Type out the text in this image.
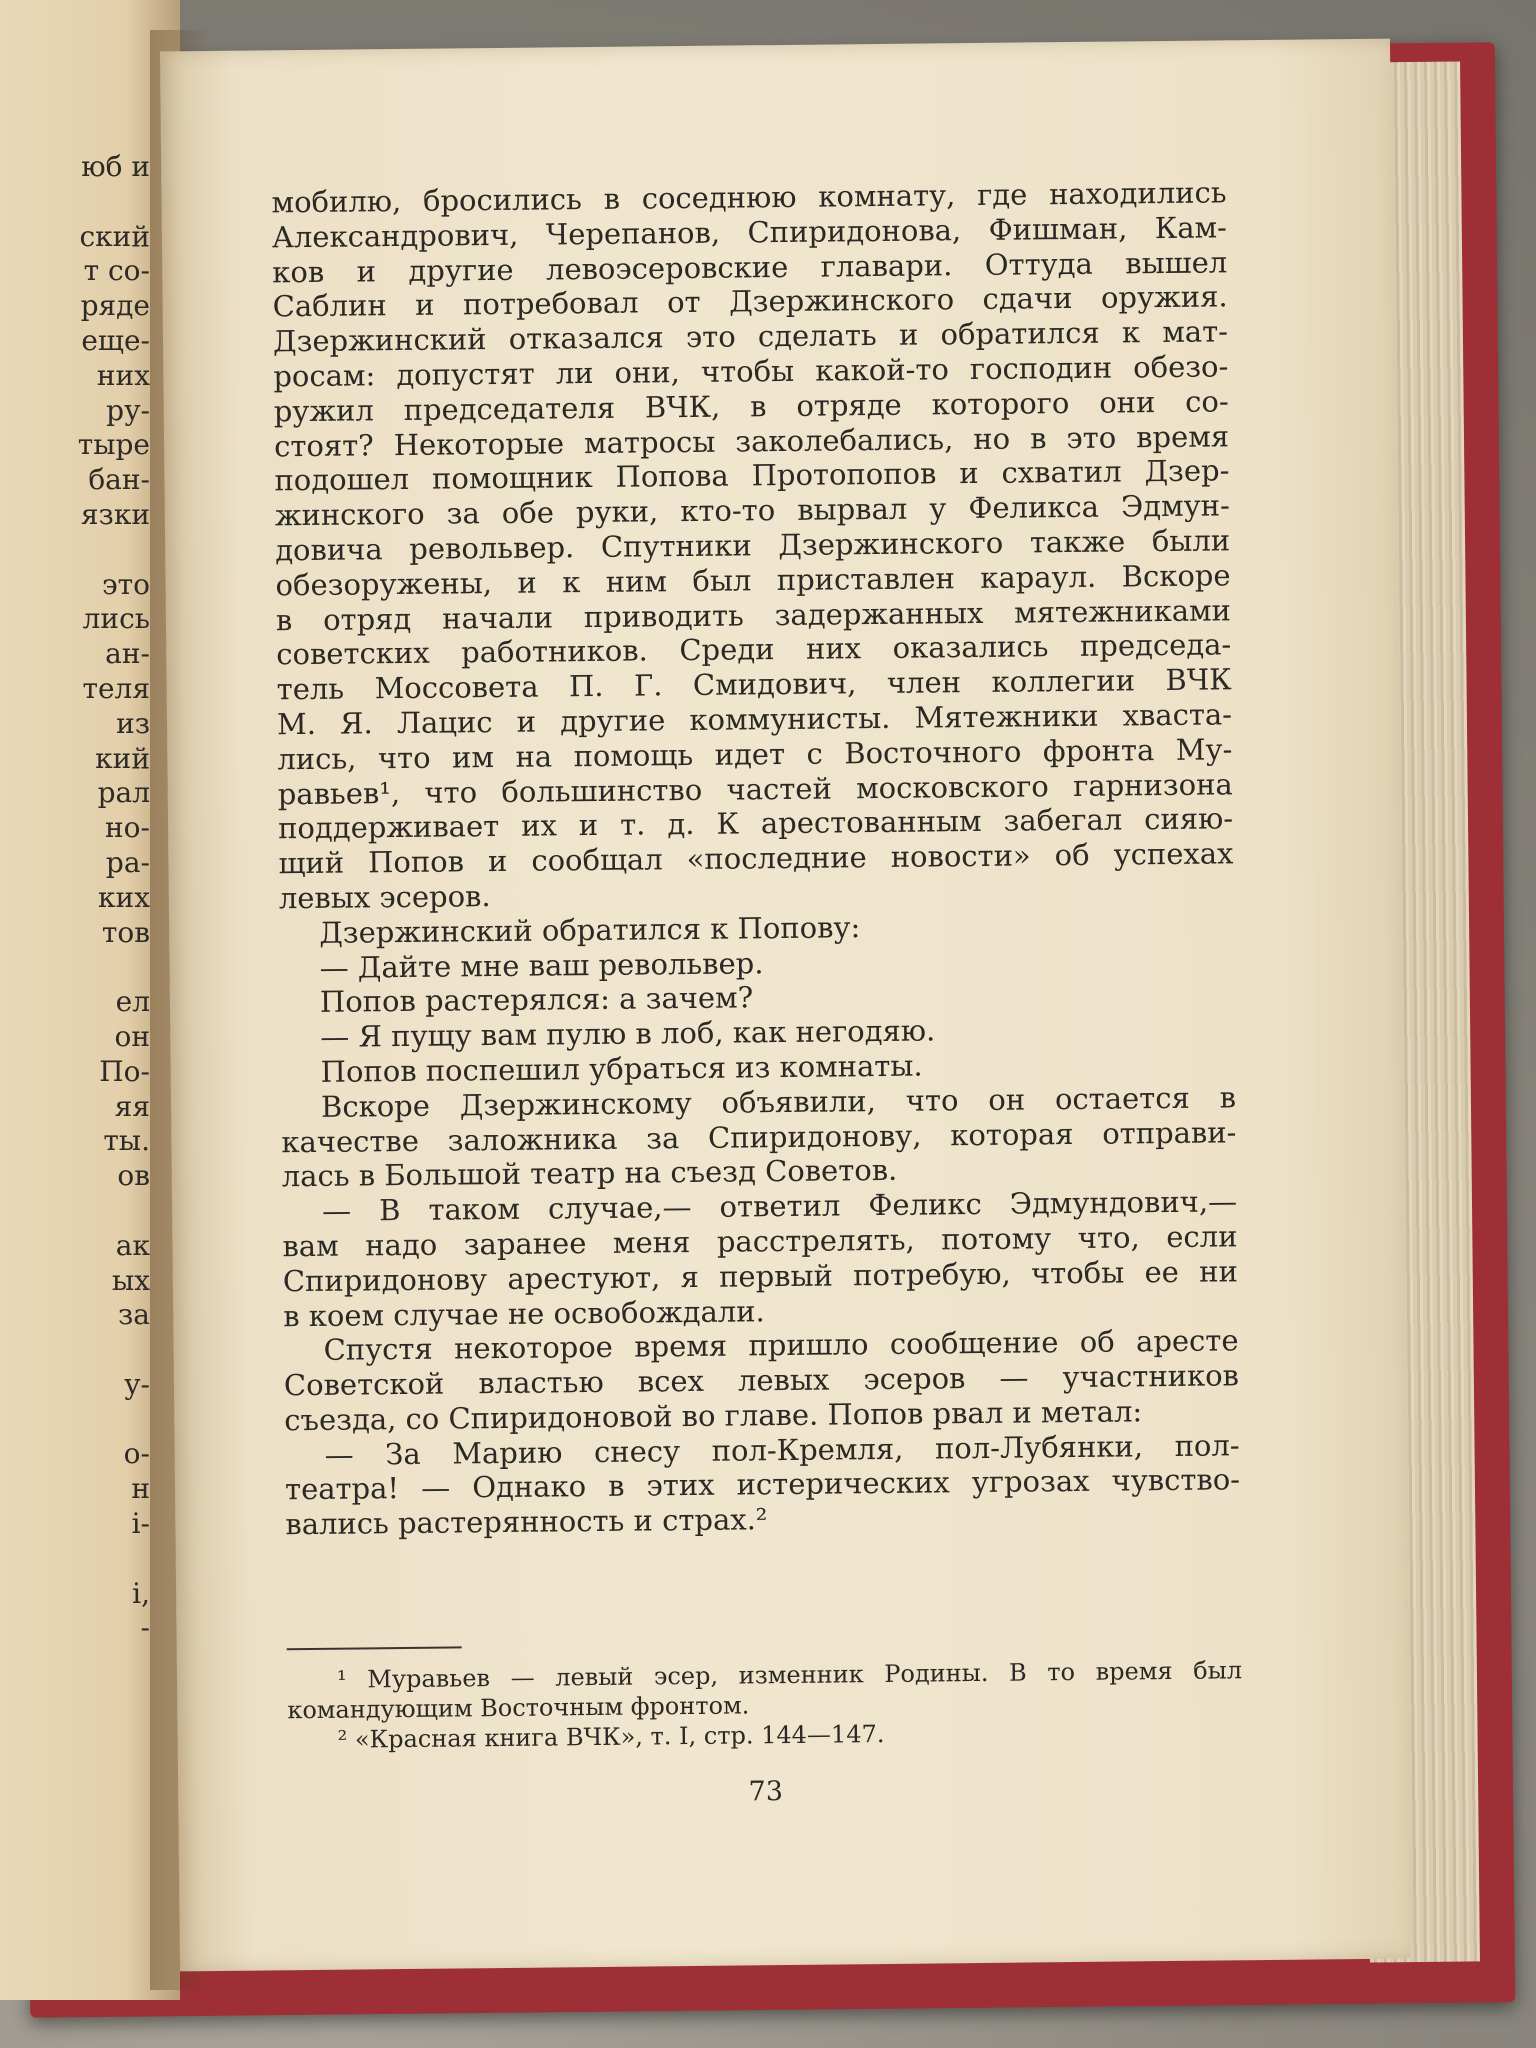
юб и
ский
т со-
ряде
еще-
них
ру-
тыре
бан-
язки
это
лись
ан-
теля
из
кий
рал
но-
ра-
ких
тов
ел
он
По-
яя
ты.
ов
ак
ых
за
у-
о-
н
і-
і,
-
мобилю, бросились в соседнюю комнату, где находились
Александрович, Черепанов, Спиридонова, Фишман, Кам-
ков и другие левоэсеровские главари. Оттуда вышел
Саблин и потребовал от Дзержинского сдачи оружия.
Дзержинский отказался это сделать и обратился к мат-
росам: допустят ли они, чтобы какой-то господин обезо-
ружил председателя ВЧК, в отряде которого они со-
стоят? Некоторые матросы заколебались, но в это время
подошел помощник Попова Протопопов и схватил Дзер-
жинского за обе руки, кто-то вырвал у Феликса Эдмун-
довича револьвер. Спутники Дзержинского также были
обезоружены, и к ним был приставлен караул. Вскоре
в отряд начали приводить задержанных мятежниками
советских работников. Среди них оказались председа-
тель Моссовета П. Г. Смидович, член коллегии ВЧК
М. Я. Лацис и другие коммунисты. Мятежники хваста-
лись, что им на помощь идет с Восточного фронта Му-
равьев¹, что большинство частей московского гарнизона
поддерживает их и т. д. К арестованным забегал сияю-
щий Попов и сообщал «последние новости» об успехах
левых эсеров.
Дзержинский обратился к Попову:
— Дайте мне ваш револьвер.
Попов растерялся: а зачем?
— Я пущу вам пулю в лоб, как негодяю.
Попов поспешил убраться из комнаты.
Вскоре Дзержинскому объявили, что он остается в
качестве заложника за Спиридонову, которая отправи-
лась в Большой театр на съезд Советов.
— В таком случае,— ответил Феликс Эдмундович,—
вам надо заранее меня расстрелять, потому что, если
Спиридонову арестуют, я первый потребую, чтобы ее ни
в коем случае не освобождали.
Спустя некоторое время пришло сообщение об аресте
Советской властью всех левых эсеров — участников
съезда, со Спиридоновой во главе. Попов рвал и метал:
— За Марию снесу пол-Кремля, пол-Лубянки, пол-
театра! — Однако в этих истерических угрозах чувство-
вались растерянность и страх.²
¹ Муравьев — левый эсер, изменник Родины. В то время был
командующим Восточным фронтом.
² «Красная книга ВЧК», т. I, стр. 144—147.
73
